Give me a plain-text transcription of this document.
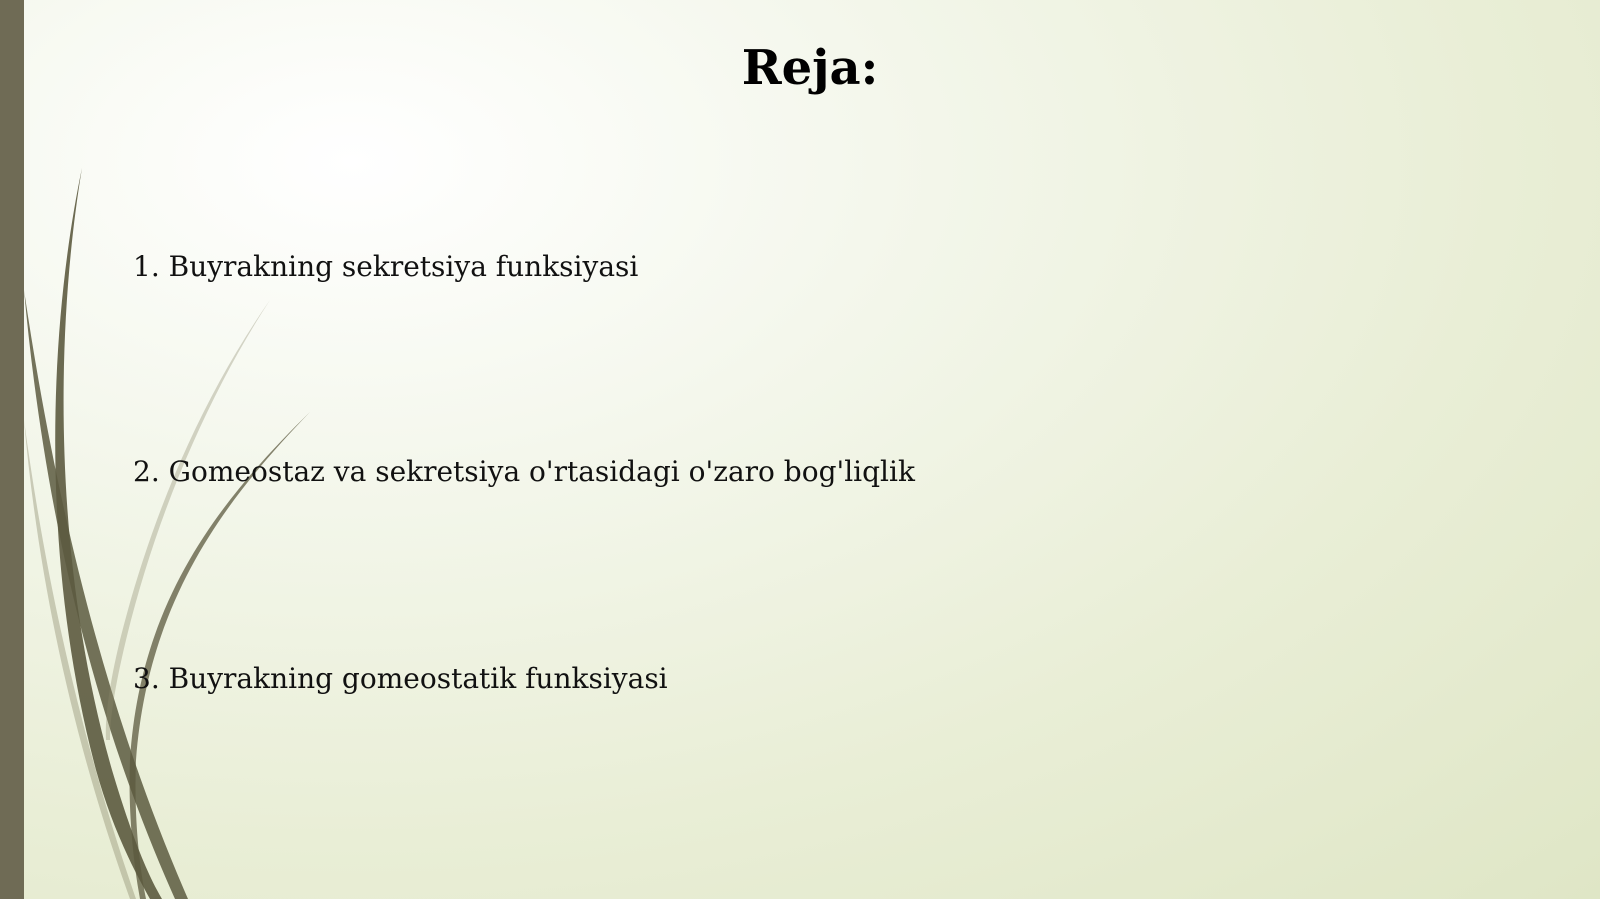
Reja:
1. Buyrakning sekretsiya funksiyasi
2. Gomeostaz va sekretsiya o'rtasidagi o'zaro bog'liqlik
3. Buyrakning gomeostatik funksiyasi
